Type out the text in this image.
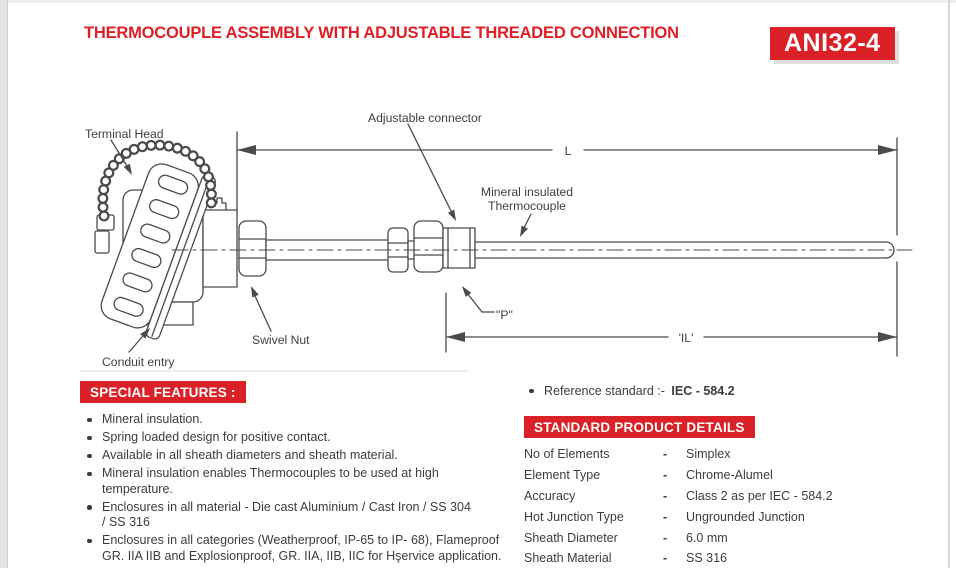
THERMOCOUPLE ASSEMBLY WITH ADJUSTABLE THREADED CONNECTION	ANI32-4
Terminal Head
Adjustable connector
Mineral insulated
Thermocouple
L
Swivel Nut
Conduit entry
"P"
'IL'
SPECIAL FEATURES :
Mineral insulation.
Spring loaded design for positive contact.
Available in all sheath diameters and sheath material.
Mineral insulation enables Thermocouples to be used at high
temperature.
Enclosures in all material - Die cast Aluminium / Cast Iron / SS 304
/ SS 316
Enclosures in all categories (Weatherproof, IP-65 to IP- 68), Flameproof
GR. IIA IIB and Explosionproof, GR. IIA, IIB, IIC for Hşervice application.
Reference standard :- IEC - 584.2
STANDARD PRODUCT DETAILS
No of Elements	-	Simplex
Element Type	-	Chrome-Alumel
Accuracy	-	Class 2 as per IEC - 584.2
Hot Junction Type	-	Ungrounded Junction
Sheath Diameter	-	6.0 mm
Sheath Material	-	SS 316
